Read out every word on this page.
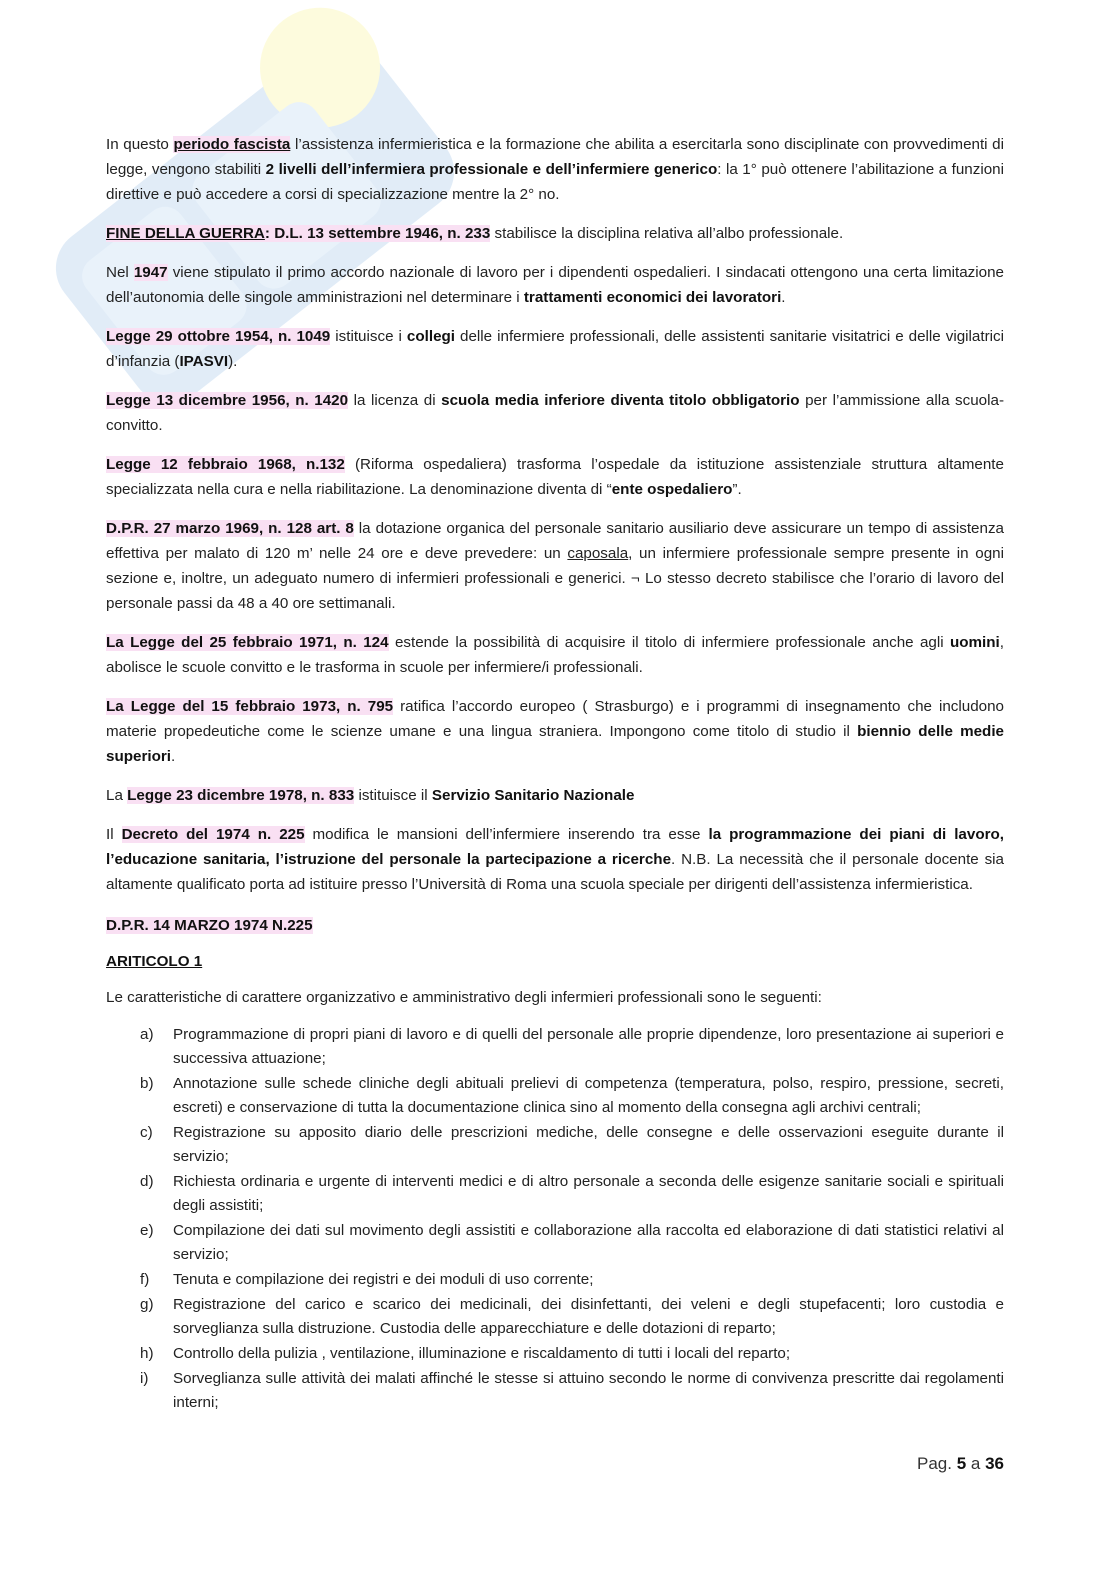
In questo periodo fascista l’assistenza infermieristica e la formazione che abilita a esercitarla sono disciplinate con provvedimenti di legge, vengono stabiliti 2 livelli dell’infermiera professionale e dell’infermiere generico: la 1° può ottenere l’abilitazione a funzioni direttive e può accedere a corsi di specializzazione mentre la 2° no.

FINE DELLA GUERRA: D.L. 13 settembre 1946, n. 233 stabilisce la disciplina relativa all’albo professionale.

Nel 1947 viene stipulato il primo accordo nazionale di lavoro per i dipendenti ospedalieri. I sindacati ottengono una certa limitazione dell’autonomia delle singole amministrazioni nel determinare i trattamenti economici dei lavoratori.

Legge 29 ottobre 1954, n. 1049 istituisce i collegi delle infermiere professionali, delle assistenti sanitarie visitatrici e delle vigilatrici d’infanzia (IPASVI).

Legge 13 dicembre 1956, n. 1420 la licenza di scuola media inferiore diventa titolo obbligatorio per l’ammissione alla scuola-convitto.

Legge 12 febbraio 1968, n.132 (Riforma ospedaliera) trasforma l’ospedale da istituzione assistenziale struttura altamente specializzata nella cura e nella riabilitazione. La denominazione diventa di “ente ospedaliero”.

D.P.R. 27 marzo 1969, n. 128 art. 8 la dotazione organica del personale sanitario ausiliario deve assicurare un tempo di assistenza effettiva per malato di 120 m’ nelle 24 ore e deve prevedere: un caposala, un infermiere professionale sempre presente in ogni sezione e, inoltre, un adeguato numero di infermieri professionali e generici. ¬ Lo stesso decreto stabilisce che l’orario di lavoro del personale passi da 48 a 40 ore settimanali.

La Legge del 25 febbraio 1971, n. 124 estende la possibilità di acquisire il titolo di infermiere professionale anche agli uomini, abolisce le scuole convitto e le trasforma in scuole per infermiere/i professionali.

La Legge del 15 febbraio 1973, n. 795 ratifica l’accordo europeo ( Strasburgo) e i programmi di insegnamento che includono materie propedeutiche come le scienze umane e una lingua straniera. Impongono come titolo di studio il biennio delle medie superiori.

La Legge 23 dicembre 1978, n. 833 istituisce il Servizio Sanitario Nazionale

Il Decreto del 1974 n. 225 modifica le mansioni dell’infermiere inserendo tra esse la programmazione dei piani di lavoro, l’educazione sanitaria, l’istruzione del personale la partecipazione a ricerche. N.B. La necessità che il personale docente sia altamente qualificato porta ad istituire presso l’Università di Roma una scuola speciale per dirigenti dell’assistenza infermieristica.

D.P.R. 14 MARZO 1974 N.225

ARITICOLO 1

Le caratteristiche di carattere organizzativo e amministrativo degli infermieri professionali sono le seguenti:

a) Programmazione di propri piani di lavoro e di quelli del personale alle proprie dipendenze, loro presentazione ai superiori e successiva attuazione;
b) Annotazione sulle schede cliniche degli abituali prelievi di competenza (temperatura, polso, respiro, pressione, secreti, escreti) e conservazione di tutta la documentazione clinica sino al momento della consegna agli archivi centrali;
c) Registrazione su apposito diario delle prescrizioni mediche, delle consegne e delle osservazioni eseguite durante il servizio;
d) Richiesta ordinaria e urgente di interventi medici e di altro personale a seconda delle esigenze sanitarie sociali e spirituali degli assistiti;
e) Compilazione dei dati sul movimento degli assistiti e collaborazione alla raccolta ed elaborazione di dati statistici relativi al servizio;
f) Tenuta e compilazione dei registri e dei moduli di uso corrente;
g) Registrazione del carico e scarico dei medicinali, dei disinfettanti, dei veleni e degli stupefacenti; loro custodia e sorveglianza sulla distruzione. Custodia delle apparecchiature e delle dotazioni di reparto;
h) Controllo della pulizia , ventilazione, illuminazione e riscaldamento di tutti i locali del reparto;
i) Sorveglianza sulle attività dei malati affinché le stesse si attuino secondo le norme di convivenza prescritte dai regolamenti interni;
Pag. 5 a 36
